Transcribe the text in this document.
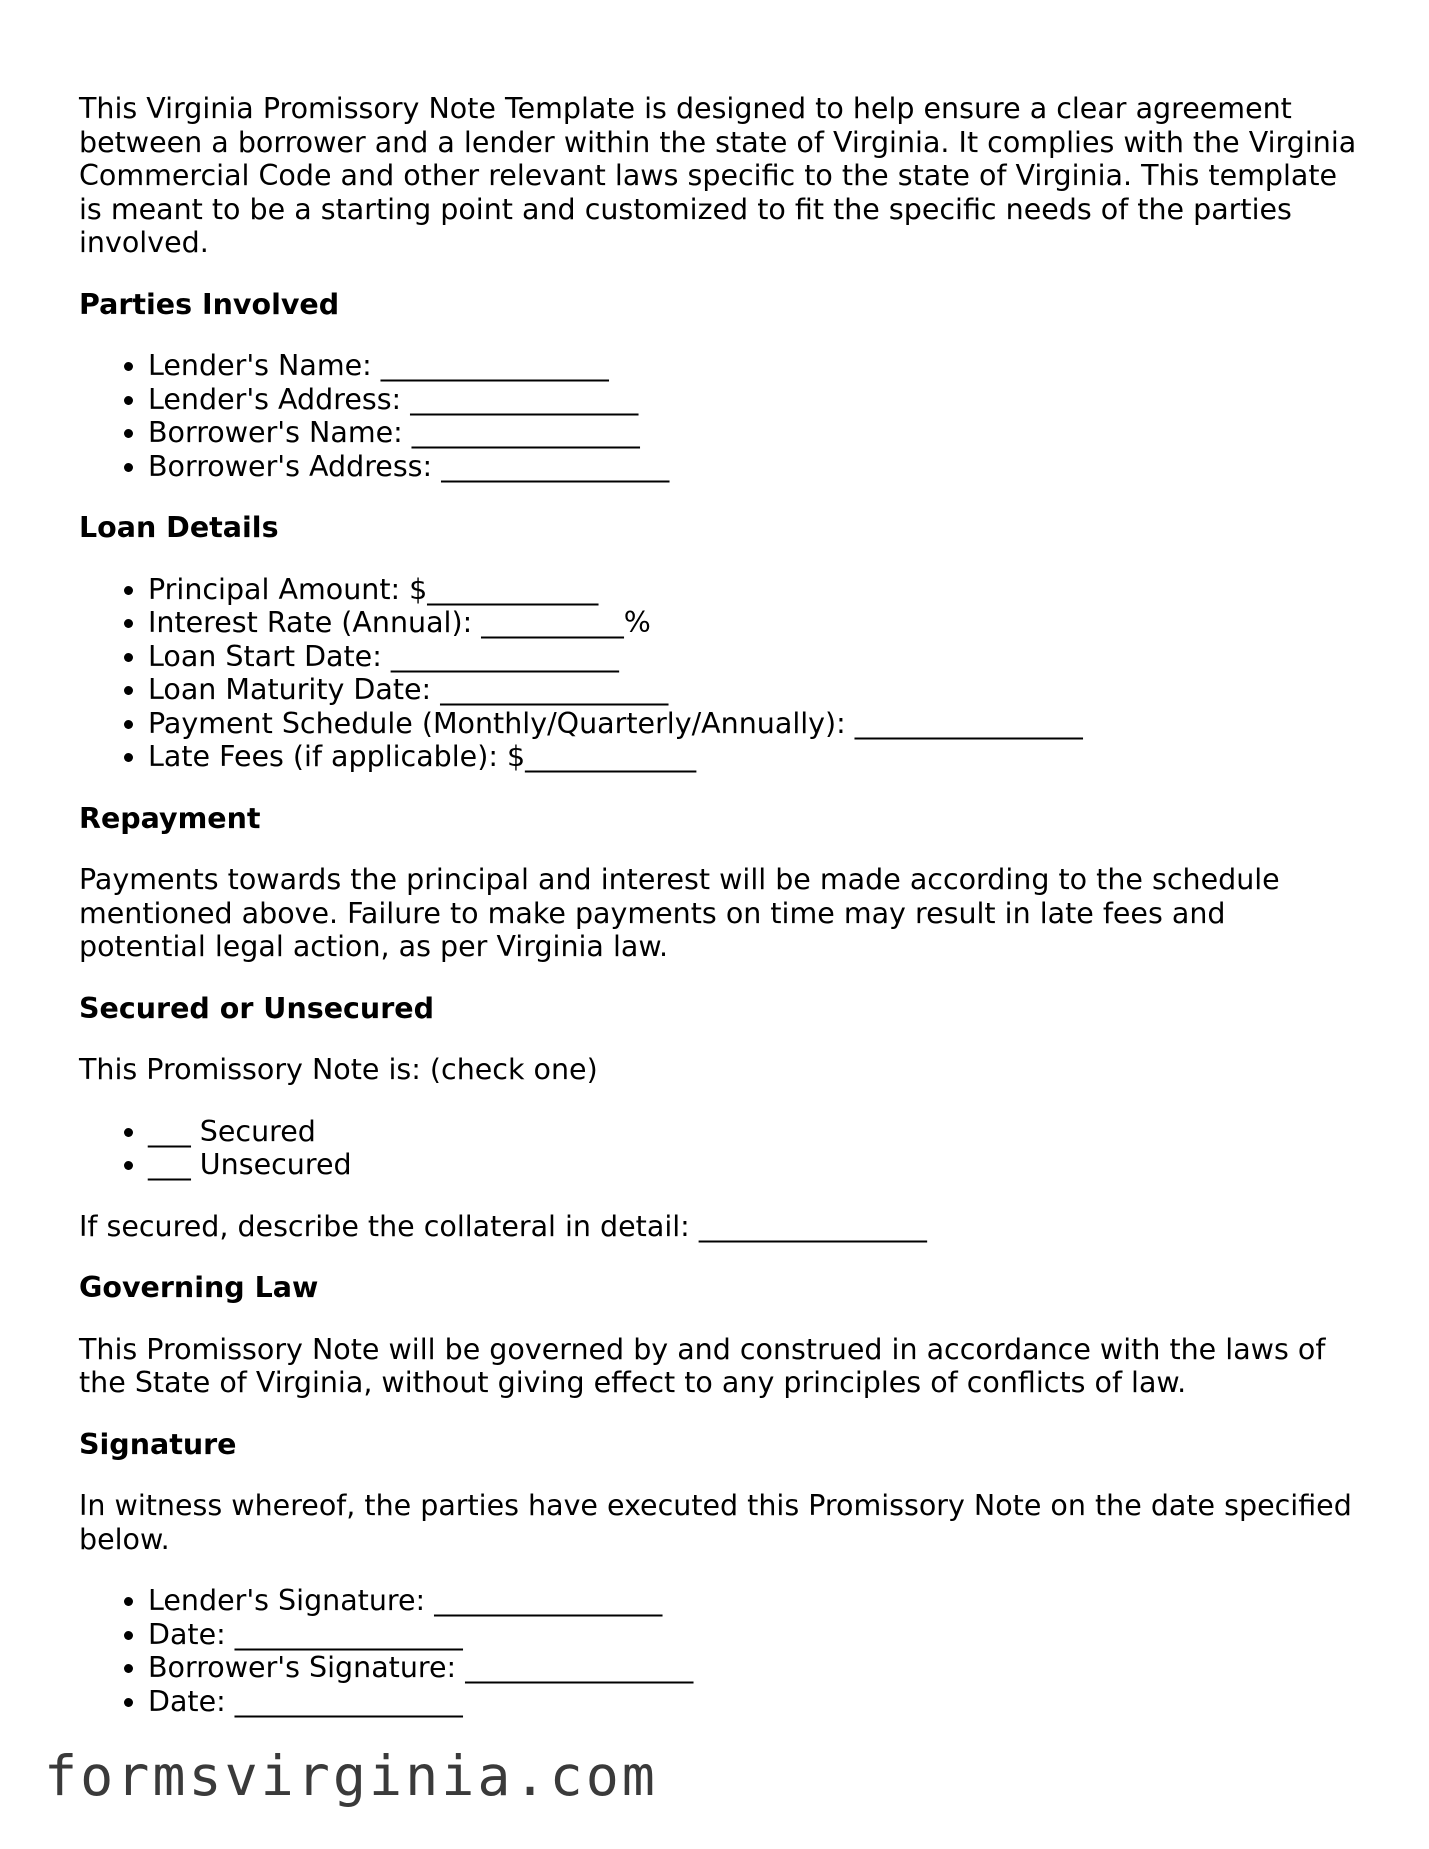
This Virginia Promissory Note Template is designed to help ensure a clear agreement between a borrower and a lender within the state of Virginia. It complies with the Virginia Commercial Code and other relevant laws specific to the state of Virginia. This template is meant to be a starting point and customized to fit the specific needs of the parties involved.

Parties Involved
• Lender's Name: ________________
• Lender's Address: ________________
• Borrower's Name: ________________
• Borrower's Address: ________________
Loan Details
• Principal Amount: $____________
• Interest Rate (Annual): __________%
• Loan Start Date: ________________
• Loan Maturity Date: ________________
• Payment Schedule (Monthly/Quarterly/Annually): ________________
• Late Fees (if applicable): $____________
Repayment

Payments towards the principal and interest will be made according to the schedule mentioned above. Failure to make payments on time may result in late fees and potential legal action, as per Virginia law.

Secured or Unsecured

This Promissory Note is: (check one)

• ___ Secured
• ___ Unsecured

If secured, describe the collateral in detail: ________________

Governing Law

This Promissory Note will be governed by and construed in accordance with the laws of the State of Virginia, without giving effect to any principles of conflicts of law.

Signature

In witness whereof, the parties have executed this Promissory Note on the date specified below.

• Lender's Signature: ________________
• Date: ________________
• Borrower's Signature: ________________
• Date: ________________
formsvirginia.com
